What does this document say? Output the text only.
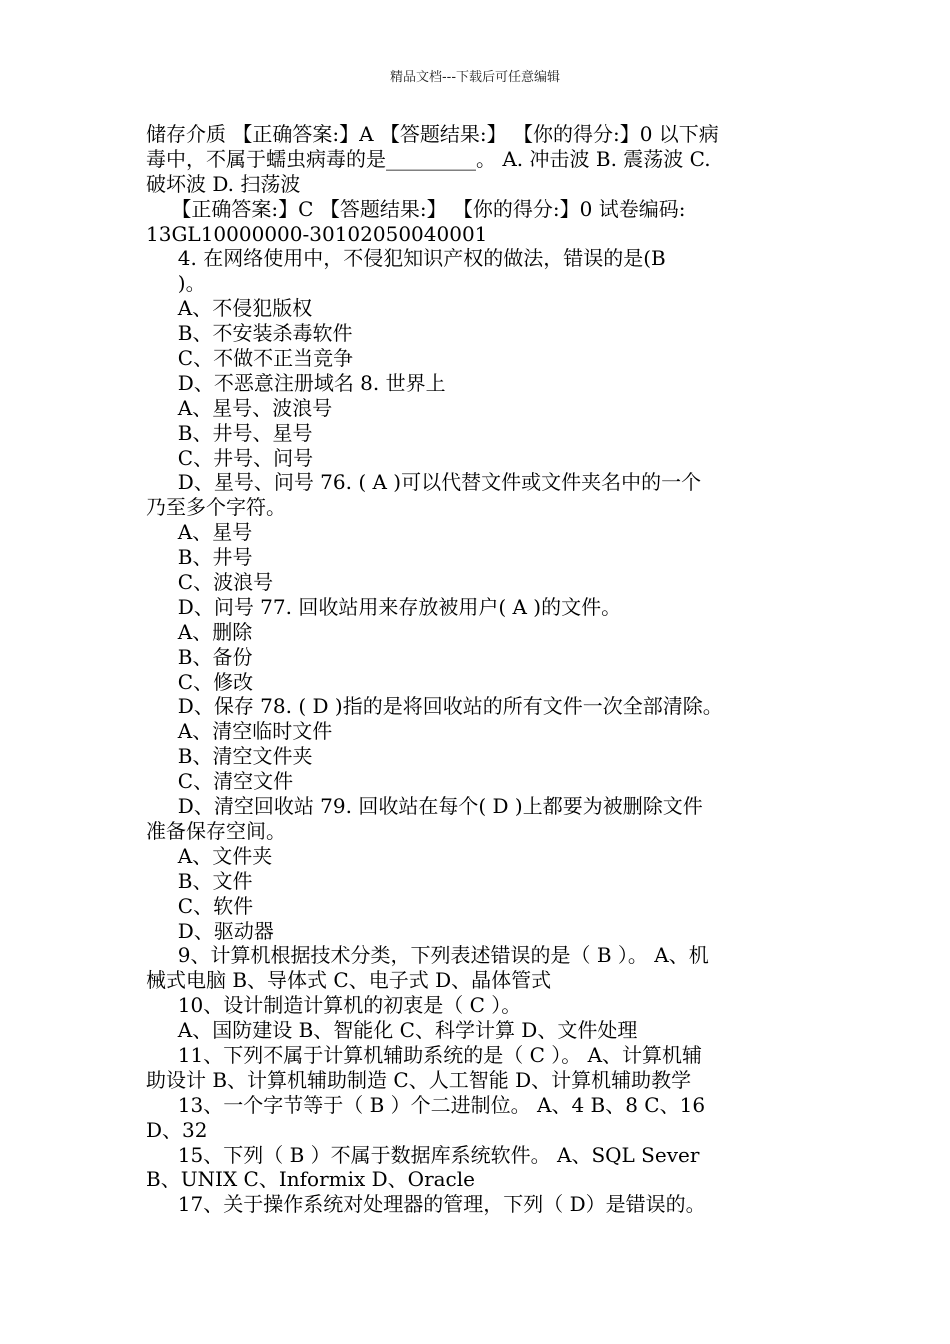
精品文档---下载后可任意编辑
储存介质 【正确答案:】A 【答题结果:】 【你的得分:】0 以下病
毒中，不属于蠕虫病毒的是_________。 A. 冲击波 B. 震荡波 C.
破坏波 D. 扫荡波
【正确答案:】C 【答题结果:】 【你的得分:】0 试卷编码:
13GL10000000-30102050040001
4. 在网络使用中，不侵犯知识产权的做法，错误的是(B
)。
A、不侵犯版权
B、不安装杀毒软件
C、不做不正当竞争
D、不恶意注册域名 8. 世界上
A、星号、波浪号
B、井号、星号
C、井号、问号
D、星号、问号 76. ( A )可以代替文件或文件夹名中的一个
乃至多个字符。
A、星号
B、井号
C、波浪号
D、问号 77. 回收站用来存放被用户( A )的文件。
A、删除
B、备份
C、修改
D、保存 78. ( D )指的是将回收站的所有文件一次全部清除。
A、清空临时文件
B、清空文件夹
C、清空文件
D、清空回收站 79. 回收站在每个( D )上都要为被删除文件
准备保存空间。
A、文件夹
B、文件
C、软件
D、驱动器
9、计算机根据技术分类，下列表述错误的是（ B ）。 A、机
械式电脑 B、导体式 C、电子式 D、晶体管式
10、设计制造计算机的初衷是（ C ）。
A、国防建设 B、智能化 C、科学计算 D、文件处理
11、下列不属于计算机辅助系统的是（ C ）。 A、计算机辅
助设计 B、计算机辅助制造 C、人工智能 D、计算机辅助教学
13、一个字节等于（ B ）个二进制位。 A、4 B、8 C、16
D、32
15、下列（ B ）不属于数据库系统软件。 A、SQL Sever
B、UNIX C、Informix D、Oracle
17、关于操作系统对处理器的管理，下列（ D）是错误的。
